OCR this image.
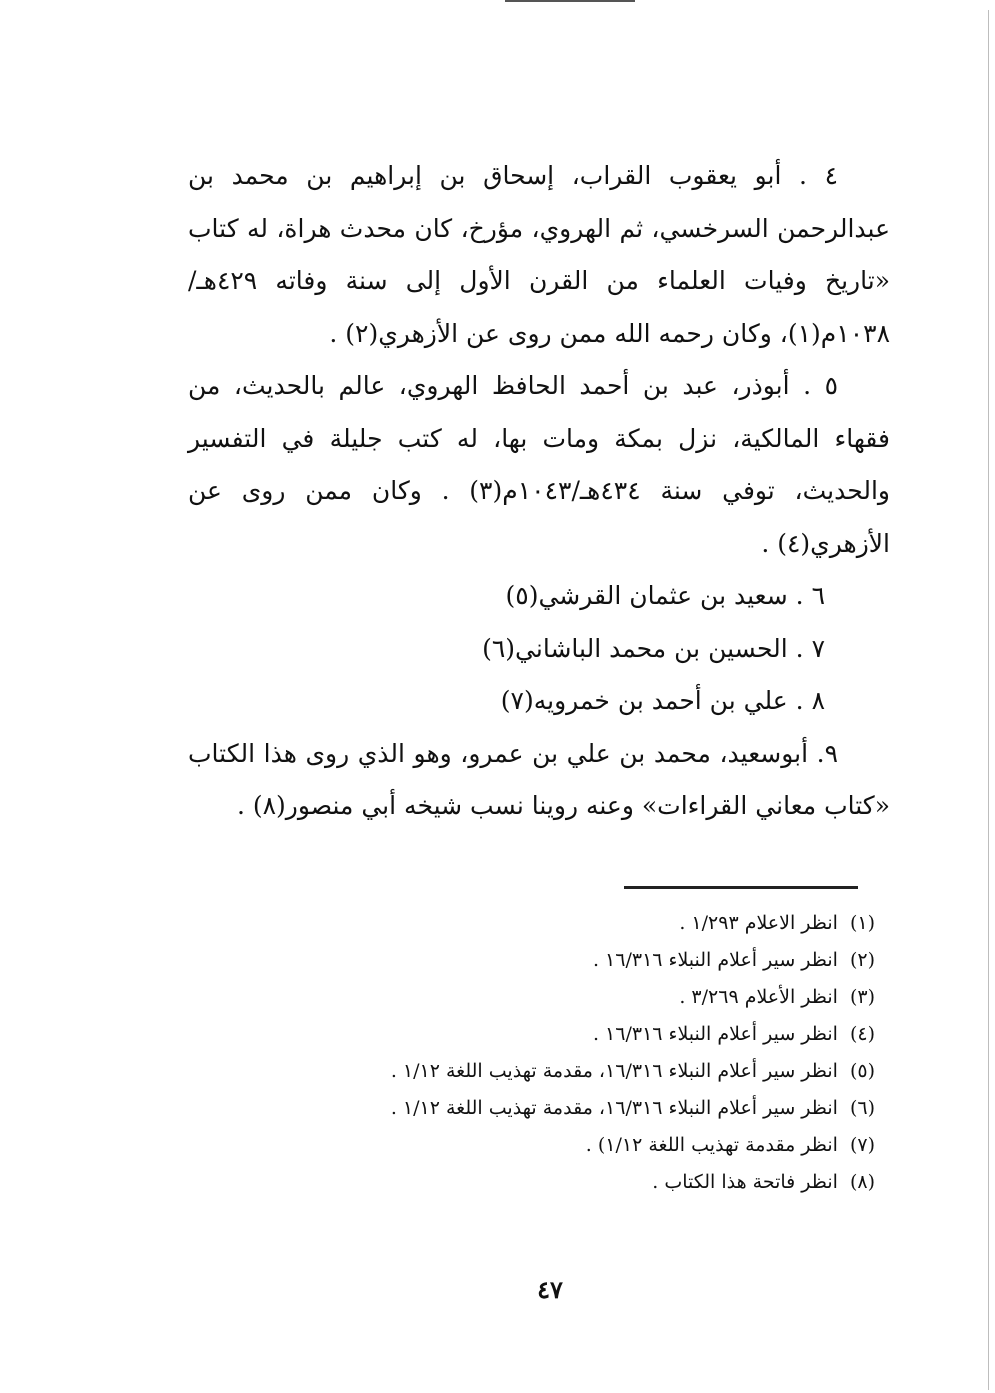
٤ . أبو يعقوب القراب، إسحاق بن إبراهيم بن محمد بن عبدالرحمن السرخسي، ثم الهروي، مؤرخ، كان محدث هراة، له كتاب «تاريخ وفيات العلماء من القرن الأول إلى سنة وفاته ٤٢٩هـ/١٠٣٨م(١)، وكان رحمه الله ممن روى عن الأزهري(٢) .

٥ . أبوذر، عبد بن أحمد الحافظ الهروي، عالم بالحديث، من فقهاء المالكية، نزل بمكة ومات بها، له كتب جليلة في التفسير والحديث، توفي سنة ٤٣٤هـ/١٠٤٣م(٣) . وكان ممن روى عن الأزهري(٤) .

٦ .سعيد بن عثمان القرشي(٥)

٧ .الحسين بن محمد الباشاني(٦)

٨ .علي بن أحمد بن خمرويه(٧)

٩. أبوسعيد، محمد بن علي بن عمرو، وهو الذي روى هذا الكتاب «كتاب معاني القراءات» وعنه روينا نسب شيخه أبي منصور(٨) .

(١)انظر الاعلام ١/٢٩٣ .

(٢)انظر سير أعلام النبلاء ١٦/٣١٦ .

(٣)انظر الأعلام ٣/٢٦٩ .

(٤)انظر سير أعلام النبلاء ١٦/٣١٦ .

(٥)انظر سير أعلام النبلاء ١٦/٣١٦، مقدمة تهذيب اللغة ١/١٢ .

(٦)انظر سير أعلام النبلاء ١٦/٣١٦، مقدمة تهذيب اللغة ١/١٢ .

(٧)انظر مقدمة تهذيب اللغة ١/١٢) .

(٨)انظر فاتحة هذا الكتاب .

٤٧
